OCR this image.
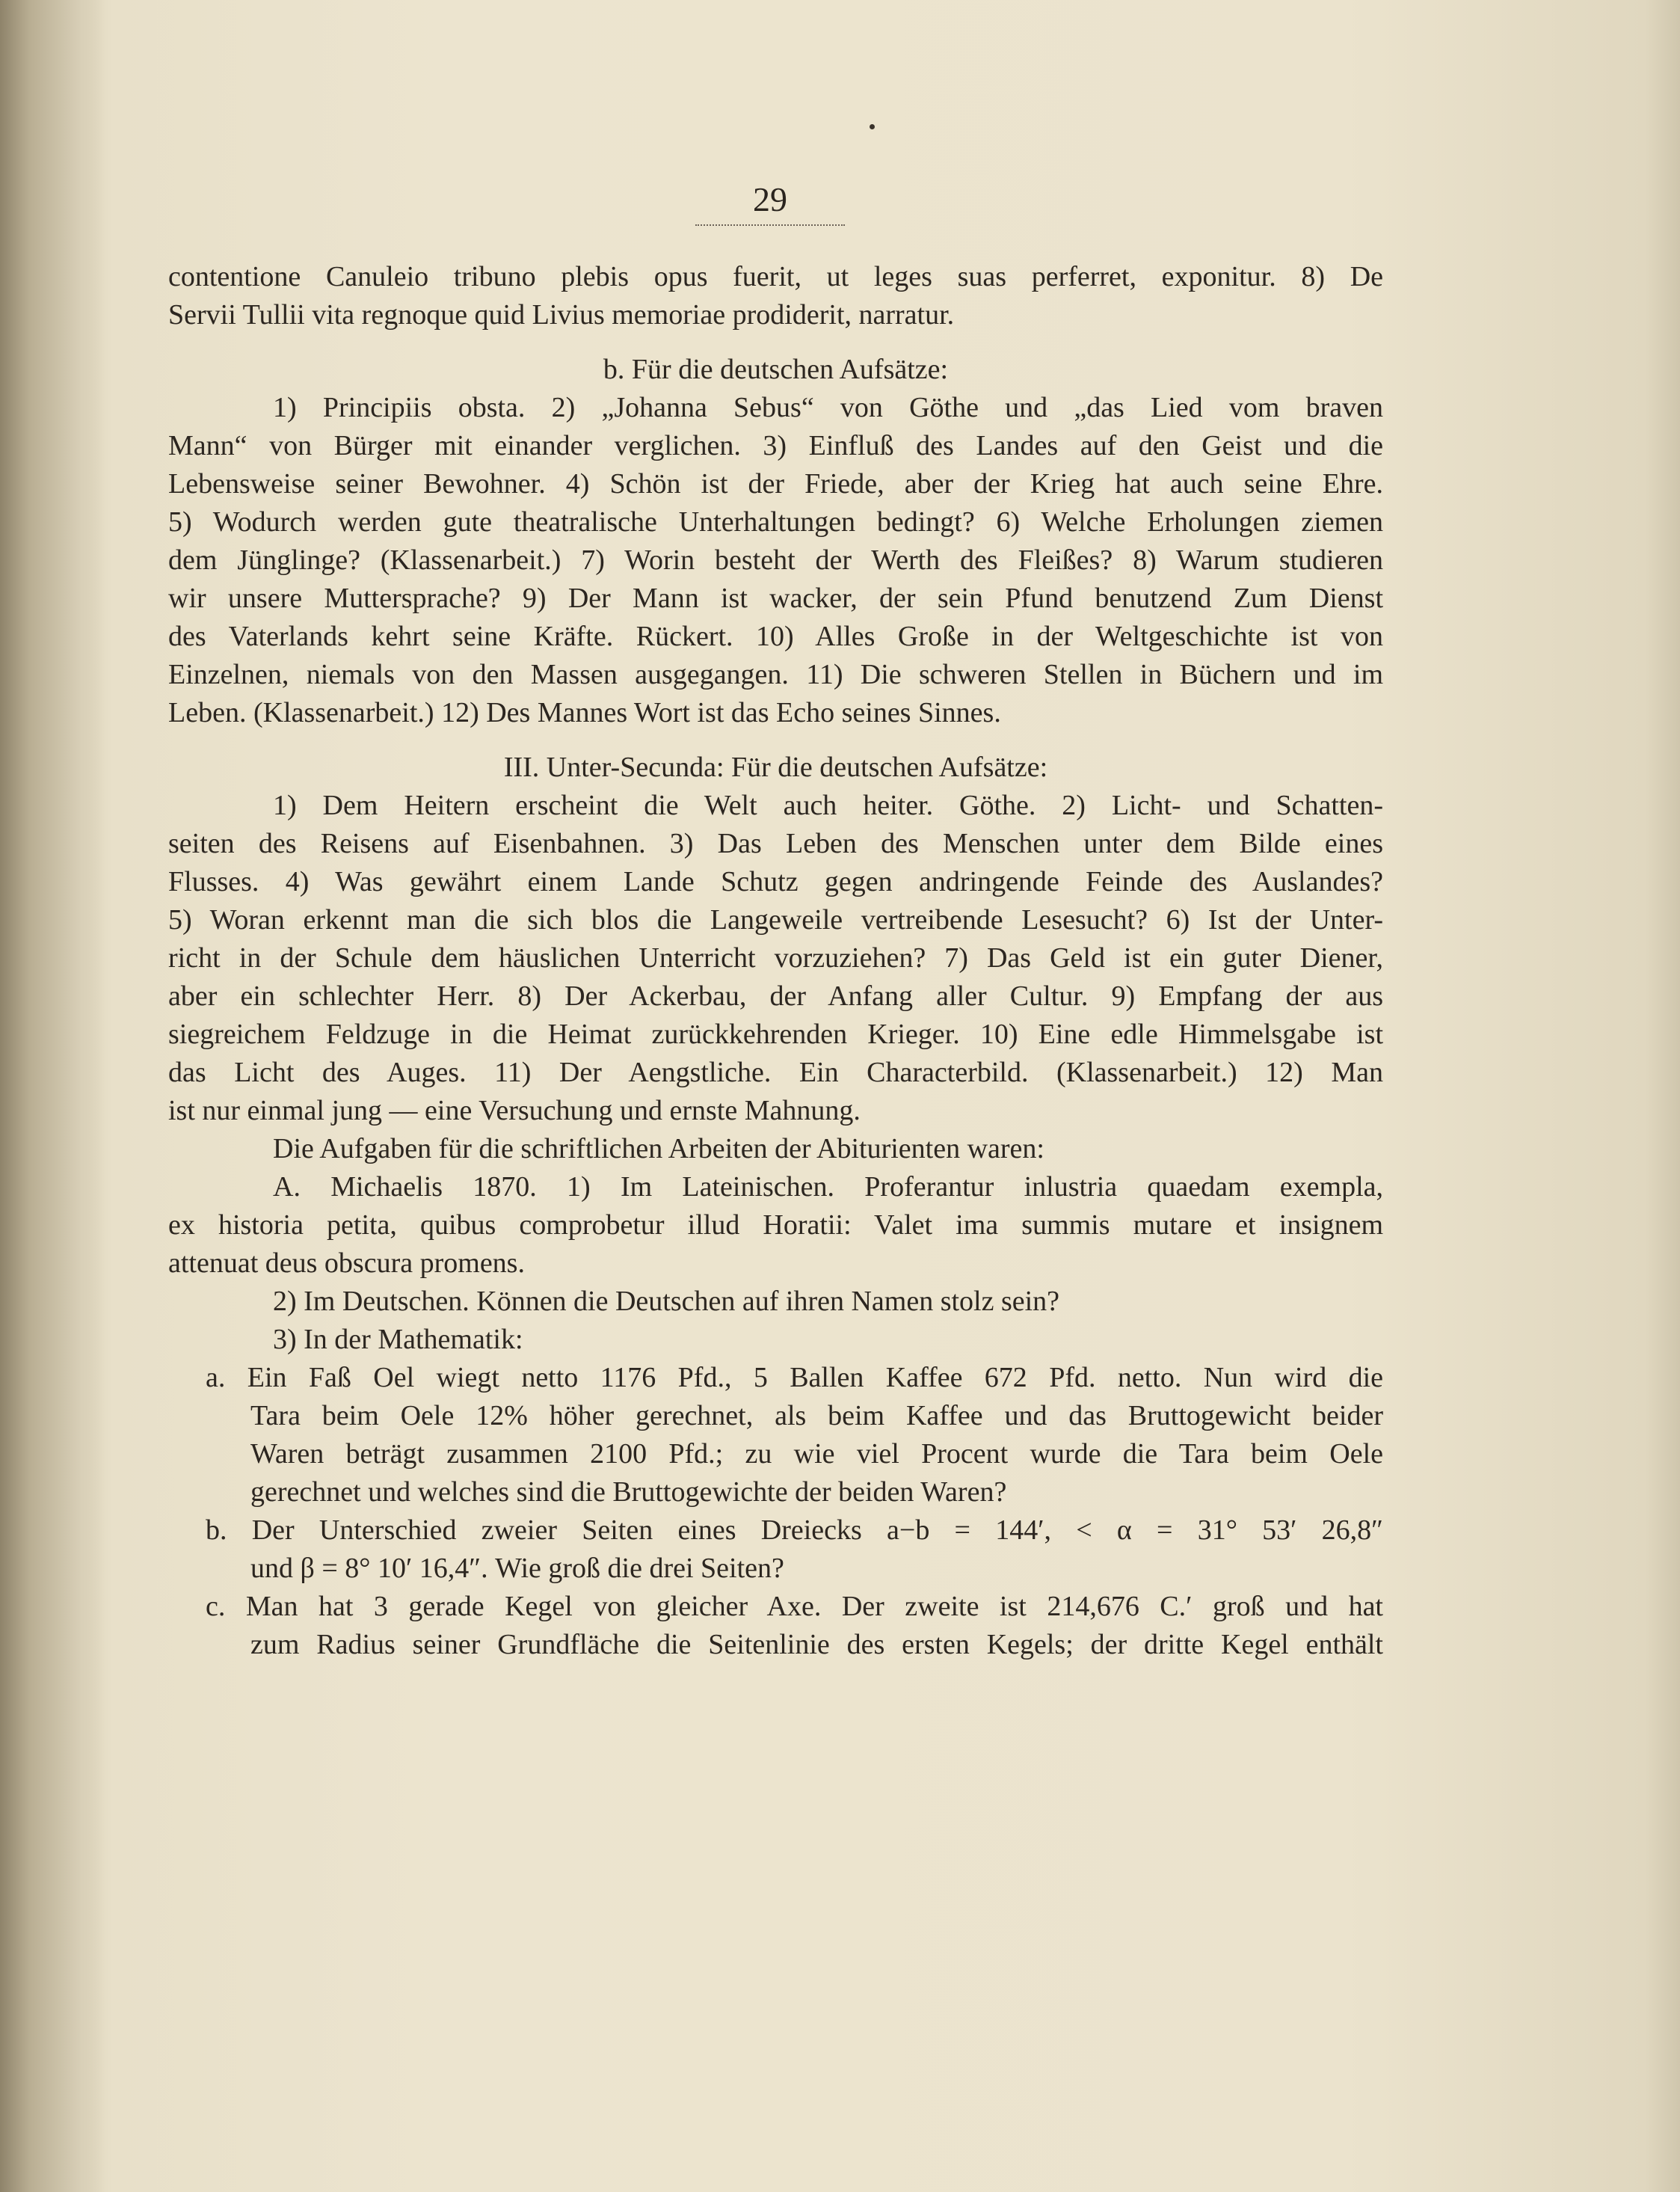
29
contentione Canuleio tribuno plebis opus fuerit, ut leges suas perferret, exponitur. 8) De
Servii Tullii vita regnoque quid Livius memoriae prodiderit, narratur.
b. Für die deutschen Aufsätze:
1) Principiis obsta. 2) „Johanna Sebus“ von Göthe und „das Lied vom braven
Mann“ von Bürger mit einander verglichen. 3) Einfluß des Landes auf den Geist und die
Lebensweise seiner Bewohner. 4) Schön ist der Friede, aber der Krieg hat auch seine Ehre.
5) Wodurch werden gute theatralische Unterhaltungen bedingt? 6) Welche Erholungen ziemen
dem Jünglinge? (Klassenarbeit.) 7) Worin besteht der Werth des Fleißes? 8) Warum studieren
wir unsere Muttersprache? 9) Der Mann ist wacker, der sein Pfund benutzend Zum Dienst
des Vaterlands kehrt seine Kräfte. Rückert. 10) Alles Große in der Weltgeschichte ist von
Einzelnen, niemals von den Massen ausgegangen. 11) Die schweren Stellen in Büchern und im
Leben. (Klassenarbeit.) 12) Des Mannes Wort ist das Echo seines Sinnes.
III. Unter-Secunda: Für die deutschen Aufsätze:
1) Dem Heitern erscheint die Welt auch heiter. Göthe. 2) Licht- und Schatten-
seiten des Reisens auf Eisenbahnen. 3) Das Leben des Menschen unter dem Bilde eines
Flusses. 4) Was gewährt einem Lande Schutz gegen andringende Feinde des Auslandes?
5) Woran erkennt man die sich blos die Langeweile vertreibende Lesesucht? 6) Ist der Unter-
richt in der Schule dem häuslichen Unterricht vorzuziehen? 7) Das Geld ist ein guter Diener,
aber ein schlechter Herr. 8) Der Ackerbau, der Anfang aller Cultur. 9) Empfang der aus
siegreichem Feldzuge in die Heimat zurückkehrenden Krieger. 10) Eine edle Himmelsgabe ist
das Licht des Auges. 11) Der Aengstliche. Ein Characterbild. (Klassenarbeit.) 12) Man
ist nur einmal jung — eine Versuchung und ernste Mahnung.
Die Aufgaben für die schriftlichen Arbeiten der Abiturienten waren:
A. Michaelis 1870. 1) Im Lateinischen. Proferantur inlustria quaedam exempla,
ex historia petita, quibus comprobetur illud Horatii: Valet ima summis mutare et insignem
attenuat deus obscura promens.
2) Im Deutschen. Können die Deutschen auf ihren Namen stolz sein?
3) In der Mathematik:
a. Ein Faß Oel wiegt netto 1176 Pfd., 5 Ballen Kaffee 672 Pfd. netto. Nun wird die
Tara beim Oele 12% höher gerechnet, als beim Kaffee und das Bruttogewicht beider
Waren beträgt zusammen 2100 Pfd.; zu wie viel Procent wurde die Tara beim Oele
gerechnet und welches sind die Bruttogewichte der beiden Waren?
b. Der Unterschied zweier Seiten eines Dreiecks a−b = 144′, < α = 31° 53′ 26,8″
und β = 8° 10′ 16,4″. Wie groß die drei Seiten?
c. Man hat 3 gerade Kegel von gleicher Axe. Der zweite ist 214,676 C.′ groß und hat
zum Radius seiner Grundfläche die Seitenlinie des ersten Kegels; der dritte Kegel enthält
